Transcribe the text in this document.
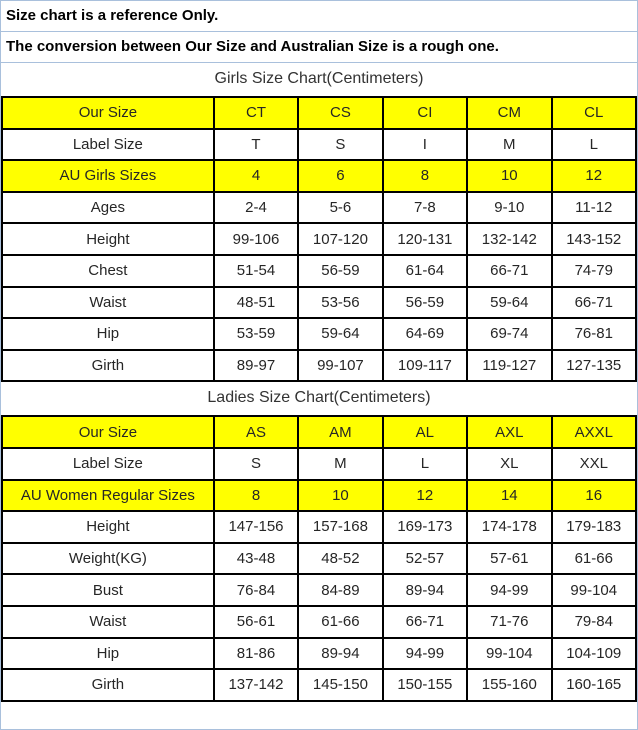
Size chart is a reference Only.
The conversion between Our Size and Australian Size is a rough one.
Girls Size Chart(Centimeters)
Our Size	CT	CS	CI	CM	CL
Label Size	T	S	I	M	L
AU Girls Sizes	4	6	8	10	12
Ages	2-4	5-6	7-8	9-10	11-12
Height	99-106	107-120	120-131	132-142	143-152
Chest	51-54	56-59	61-64	66-71	74-79
Waist	48-51	53-56	56-59	59-64	66-71
Hip	53-59	59-64	64-69	69-74	76-81
Girth	89-97	99-107	109-117	119-127	127-135
Ladies Size Chart(Centimeters)
Our Size	AS	AM	AL	AXL	AXXL
Label Size	S	M	L	XL	XXL
AU Women Regular Sizes	8	10	12	14	16
Height	147-156	157-168	169-173	174-178	179-183
Weight(KG)	43-48	48-52	52-57	57-61	61-66
Bust	76-84	84-89	89-94	94-99	99-104
Waist	56-61	61-66	66-71	71-76	79-84
Hip	81-86	89-94	94-99	99-104	104-109
Girth	137-142	145-150	150-155	155-160	160-165
